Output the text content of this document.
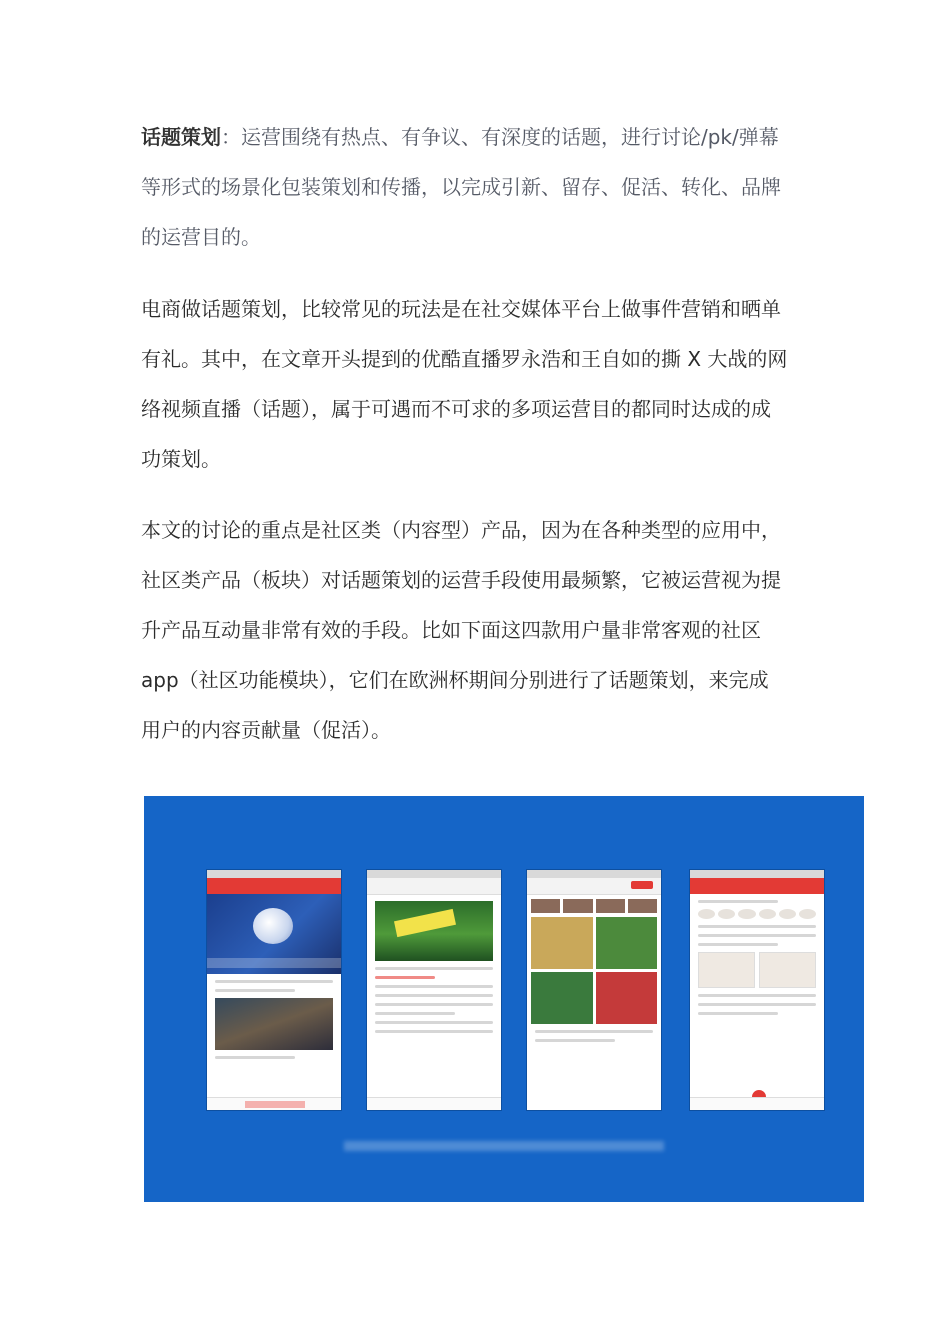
话题策划：运营围绕有热点、有争议、有深度的话题，进行讨论/pk/弹幕
等形式的场景化包装策划和传播，以完成引新、留存、促活、转化、品牌
的运营目的。

电商做话题策划，比较常见的玩法是在社交媒体平台上做事件营销和晒单
有礼。其中，在文章开头提到的优酷直播罗永浩和王自如的撕 X 大战的网
络视频直播（话题），属于可遇而不可求的多项运营目的都同时达成的成
功策划。

本文的讨论的重点是社区类（内容型）产品，因为在各种类型的应用中，
社区类产品（板块）对话题策划的运营手段使用最频繁，它被运营视为提
升产品互动量非常有效的手段。比如下面这四款用户量非常客观的社区
app（社区功能模块），它们在欧洲杯期间分别进行了话题策划，来完成
用户的内容贡献量（促活）。
